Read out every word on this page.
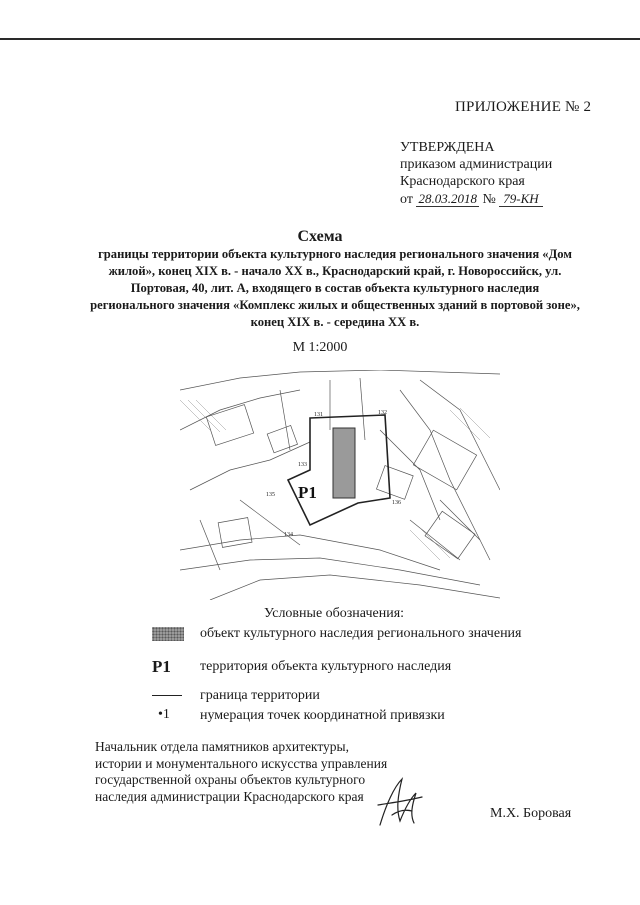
ПРИЛОЖЕНИЕ № 2
УТВЕРЖДЕНА
приказом администрации
Краснодарского края
от 28.03.2018 № 79-КН
Схема
границы территории объекта культурного наследия регионального значения «Дом жилой», конец XIX в. - начало XX в., Краснодарский край, г. Новороссийск, ул. Портовая, 40, лит. А, входящего в состав объекта культурного наследия регионального значения «Комплекс жилых и общественных зданий в портовой зоне», конец XIX в. - середина XX в.
М 1:2000
Р1
131	132
133
134
135
136
Условные обозначения:
объект культурного наследия регионального значения
Р1 территория объекта культурного наследия
граница территории
•1 нумерация точек координатной привязки
Начальник отдела памятников архитектуры, истории и монументального искусства управления государственной охраны объектов культурного наследия администрации Краснодарского края
М.Х. Боровая
